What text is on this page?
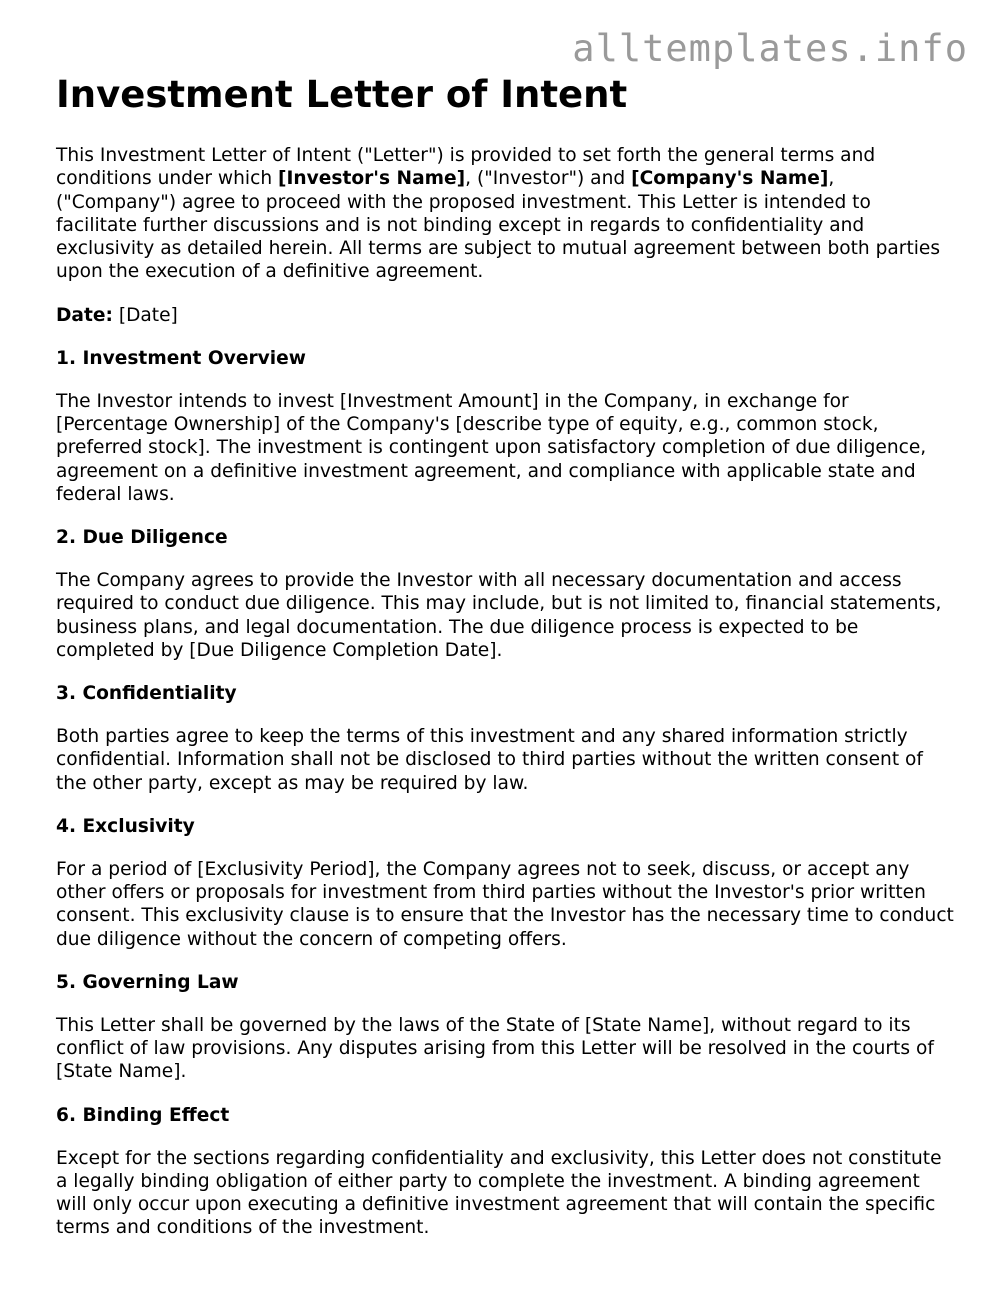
alltemplates.info
Investment Letter of Intent

This Investment Letter of Intent ("Letter") is provided to set forth the general terms and conditions under which [Investor's Name], ("Investor") and [Company's Name], ("Company") agree to proceed with the proposed investment. This Letter is intended to facilitate further discussions and is not binding except in regards to confidentiality and exclusivity as detailed herein. All terms are subject to mutual agreement between both parties upon the execution of a definitive agreement.

Date: [Date]

1. Investment Overview

The Investor intends to invest [Investment Amount] in the Company, in exchange for [Percentage Ownership] of the Company's [describe type of equity, e.g., common stock, preferred stock]. The investment is contingent upon satisfactory completion of due diligence, agreement on a definitive investment agreement, and compliance with applicable state and federal laws.

2. Due Diligence

The Company agrees to provide the Investor with all necessary documentation and access required to conduct due diligence. This may include, but is not limited to, financial statements, business plans, and legal documentation. The due diligence process is expected to be completed by [Due Diligence Completion Date].

3. Confidentiality

Both parties agree to keep the terms of this investment and any shared information strictly confidential. Information shall not be disclosed to third parties without the written consent of the other party, except as may be required by law.

4. Exclusivity

For a period of [Exclusivity Period], the Company agrees not to seek, discuss, or accept any other offers or proposals for investment from third parties without the Investor's prior written consent. This exclusivity clause is to ensure that the Investor has the necessary time to conduct due diligence without the concern of competing offers.

5. Governing Law

This Letter shall be governed by the laws of the State of [State Name], without regard to its conflict of law provisions. Any disputes arising from this Letter will be resolved in the courts of [State Name].

6. Binding Effect

Except for the sections regarding confidentiality and exclusivity, this Letter does not constitute a legally binding obligation of either party to complete the investment. A binding agreement will only occur upon executing a definitive investment agreement that will contain the specific terms and conditions of the investment.
